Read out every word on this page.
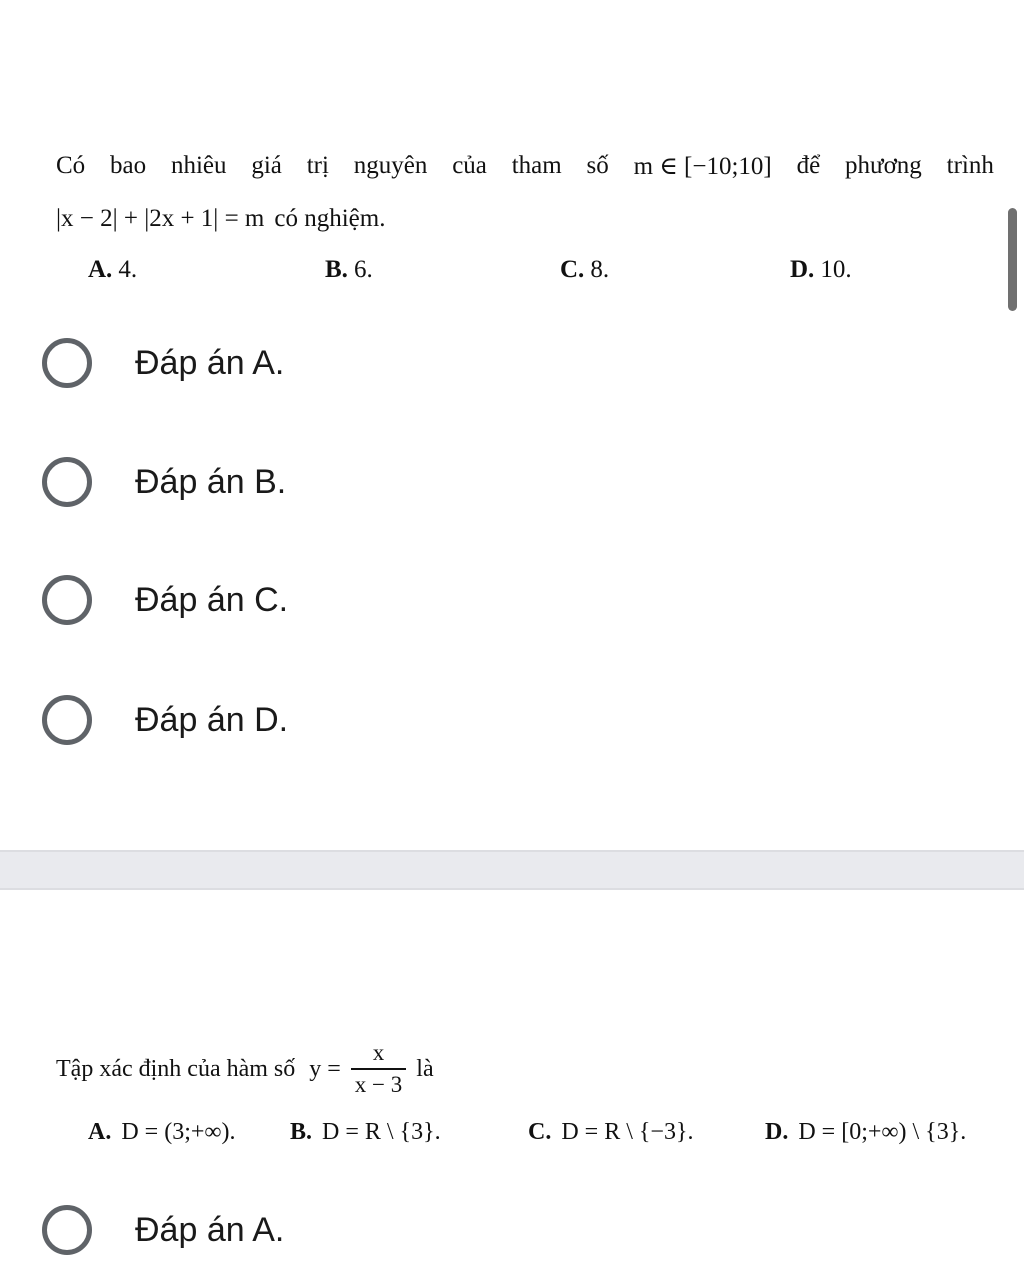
Có bao nhiêu giá trị nguyên của tham số m ∈ [−10;10] để phương trình
|x − 2| + |2x + 1| = m có nghiệm.
A. 4.	B. 6.	C. 8.	D. 10.
Đáp án A.
Đáp án B.
Đáp án C.
Đáp án D.
Tập xác định của hàm số $y = \frac{x}{x - 3}$ là
A. D = (3;+∞). B. D = R \ {3}.	C. D = R \ {−3}.	D. D = [0;+∞) \ {3}.
Đáp án A.
